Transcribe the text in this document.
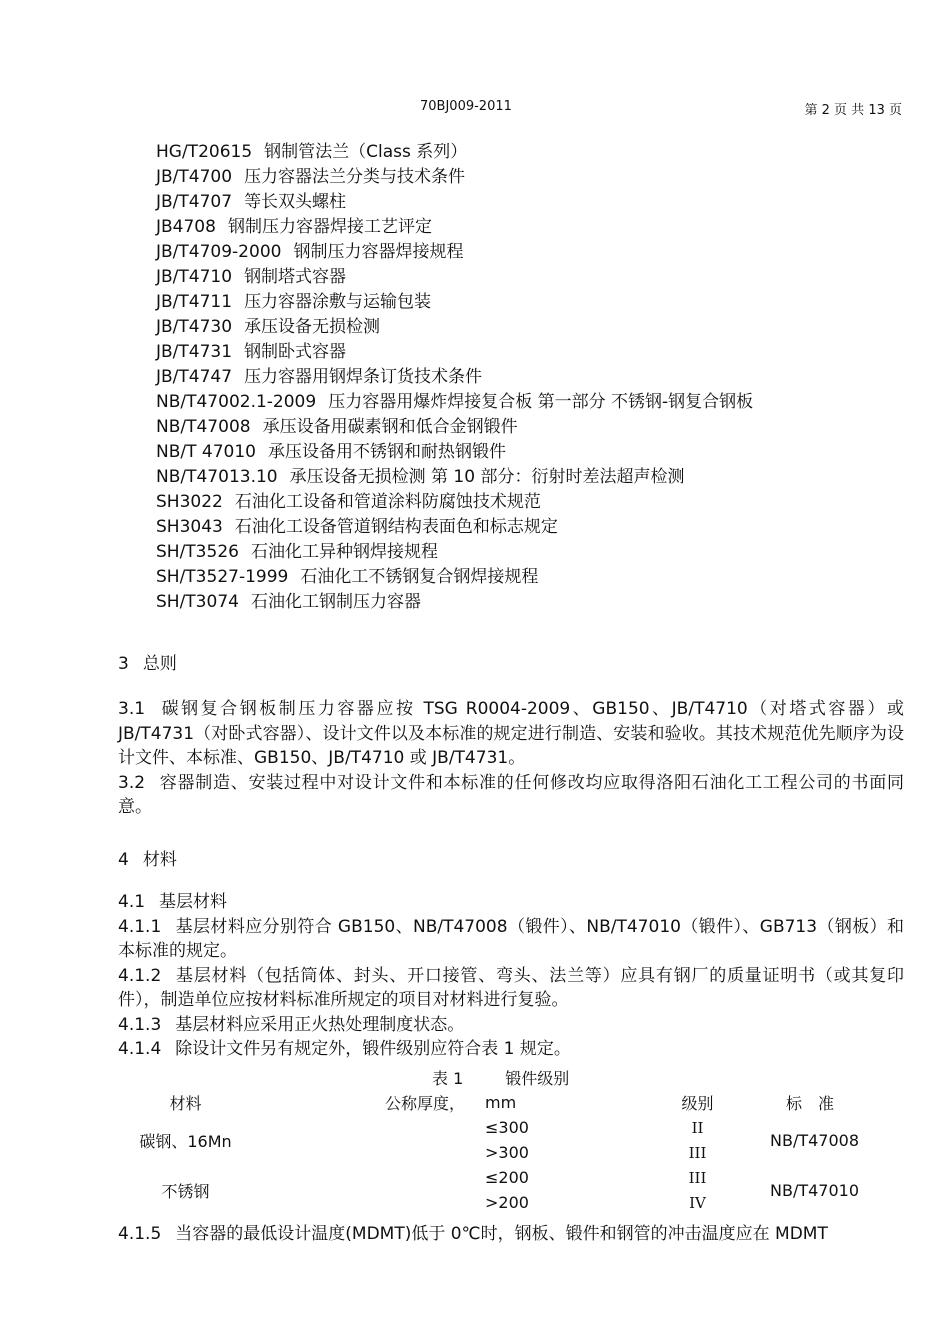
70BJ009-2011	第 2 页 共 13 页
HG/T20615 钢制管法兰（Class 系列）
JB/T4700 压力容器法兰分类与技术条件
JB/T4707 等长双头螺柱
JB4708 钢制压力容器焊接工艺评定
JB/T4709-2000 钢制压力容器焊接规程
JB/T4710 钢制塔式容器
JB/T4711 压力容器涂敷与运输包装
JB/T4730 承压设备无损检测
JB/T4731 钢制卧式容器
JB/T4747 压力容器用钢焊条订货技术条件
NB/T47002.1-2009 压力容器用爆炸焊接复合板 第一部分 不锈钢-钢复合钢板
NB/T47008 承压设备用碳素钢和低合金钢锻件
NB/T 47010 承压设备用不锈钢和耐热钢锻件
NB/T47013.10 承压设备无损检测 第 10 部分：衍射时差法超声检测
SH3022 石油化工设备和管道涂料防腐蚀技术规范
SH3043 石油化工设备管道钢结构表面色和标志规定
SH/T3526 石油化工异种钢焊接规程
SH/T3527-1999 石油化工不锈钢复合钢焊接规程
SH/T3074 石油化工钢制压力容器
3 总则

3.1 碳钢复合钢板制压力容器应按 TSG R0004-2009、GB150、JB/T4710（对塔式容器）或 JB/T4731（对卧式容器）、设计文件以及本标准的规定进行制造、安装和验收。其技术规范优先顺序为设计文件、本标准、GB150、JB/T4710 或 JB/T4731。

3.2 容器制造、安装过程中对设计文件和本标准的任何修改均应取得洛阳石油化工工程公司的书面同意。

4 材料

4.1 基层材料

4.1.1 基层材料应分别符合 GB150、NB/T47008（锻件）、NB/T47010（锻件）、GB713（钢板）和本标准的规定。

4.1.2 基层材料（包括筒体、封头、开口接管、弯头、法兰等）应具有钢厂的质量证明书（或其复印件），制造单位应按材料标准所规定的项目对材料进行复验。

4.1.3 基层材料应采用正火热处理制度状态。

4.1.4 除设计文件另有规定外，锻件级别应符合表 1 规定。

表 1	锻件级别
材料	公称厚度，	mm	级别	标　准
碳钢、16Mn		≤300	II	NB/T47008
		>300	III	
不锈钢		≤200	III	NB/T47010
		>200	IV	

4.1.5 当容器的最低设计温度(MDMT)低于 0℃时，钢板、锻件和钢管的冲击温度应在 MDMT
